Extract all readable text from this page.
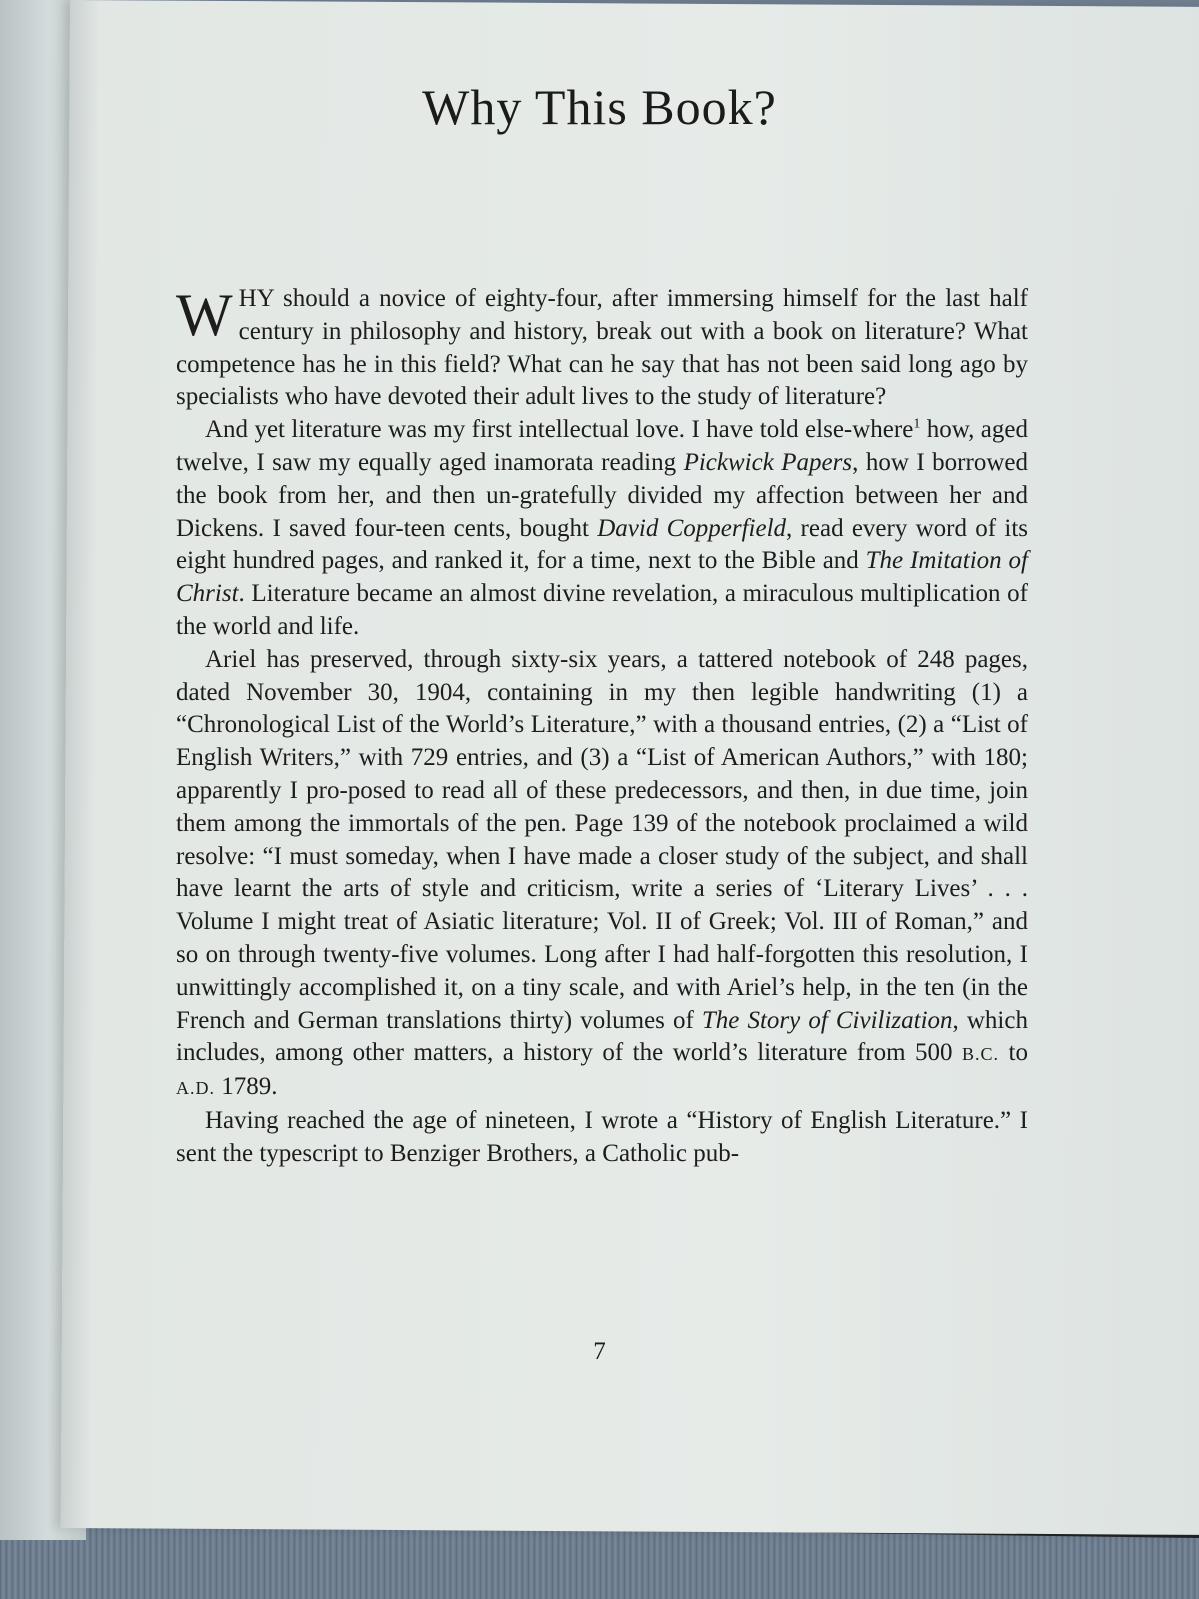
Why This Book?

WHY should a novice of eighty-four, after immersing himself for the last half century in philosophy and history, break out with a book on literature? What competence has he in this field? What can he say that has not been said long ago by specialists who have devoted their adult lives to the study of literature?

And yet literature was my first intellectual love. I have told else-where$^1$ how, aged twelve, I saw my equally aged inamorata reading Pickwick Papers, how I borrowed the book from her, and then un-gratefully divided my affection between her and Dickens. I saved four-teen cents, bought David Copperfield, read every word of its eight hundred pages, and ranked it, for a time, next to the Bible and The Imitation of Christ. Literature became an almost divine revelation, a miraculous multiplication of the world and life.

Ariel has preserved, through sixty-six years, a tattered notebook of 248 pages, dated November 30, 1904, containing in my then legible handwriting (1) a “Chronological List of the World’s Literature,” with a thousand entries, (2) a “List of English Writers,” with 729 entries, and (3) a “List of American Authors,” with 180; apparently I pro-posed to read all of these predecessors, and then, in due time, join them among the immortals of the pen. Page 139 of the notebook proclaimed a wild resolve: “I must someday, when I have made a closer study of the subject, and shall have learnt the arts of style and criticism, write a series of ‘Literary Lives’ . . . Volume I might treat of Asiatic literature; Vol. II of Greek; Vol. III of Roman,” and so on through twenty-five volumes. Long after I had half-forgotten this resolution, I unwittingly accomplished it, on a tiny scale, and with Ariel’s help, in the ten (in the French and German translations thirty) volumes of The Story of Civilization, which includes, among other matters, a history of the world’s literature from 500 B.C. to A.D. 1789.

Having reached the age of nineteen, I wrote a “History of English Literature.” I sent the typescript to Benziger Brothers, a Catholic pub-

7
